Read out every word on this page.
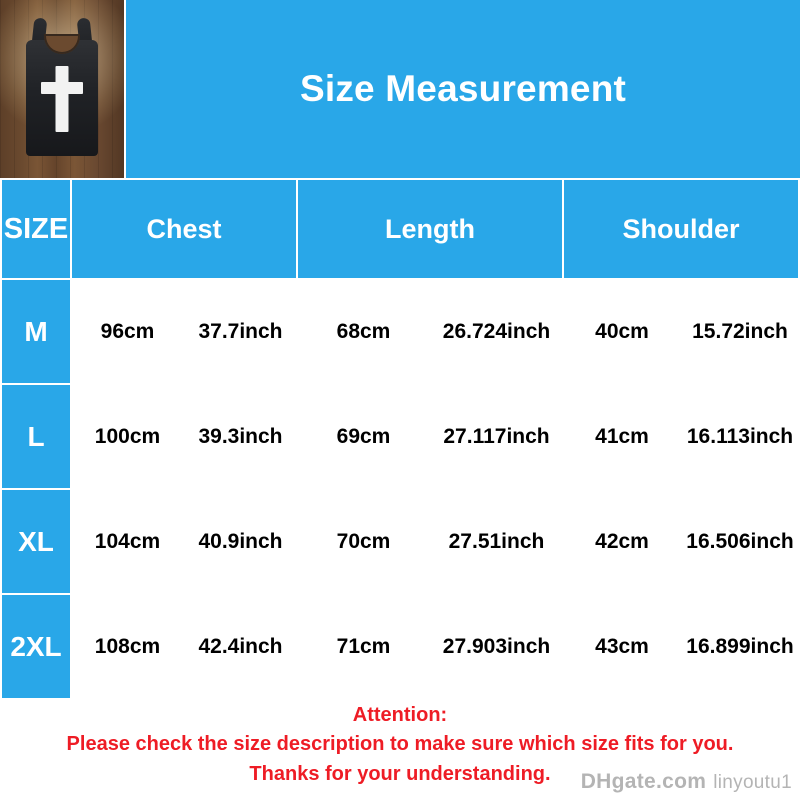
Size Measurement
SIZE	Chest		Length		Shoulder	
M	96cm	37.7inch	68cm	26.724inch	40cm	15.72inch
L	100cm	39.3inch	69cm	27.117inch	41cm	16.113inch
XL	104cm	40.9inch	70cm	27.51inch	42cm	16.506inch
2XL	108cm	42.4inch	71cm	27.903inch	43cm	16.899inch
Attention:
Please check the size description to make sure which size fits for you.
Thanks for your understanding.	DHgate.com linyoutu1
